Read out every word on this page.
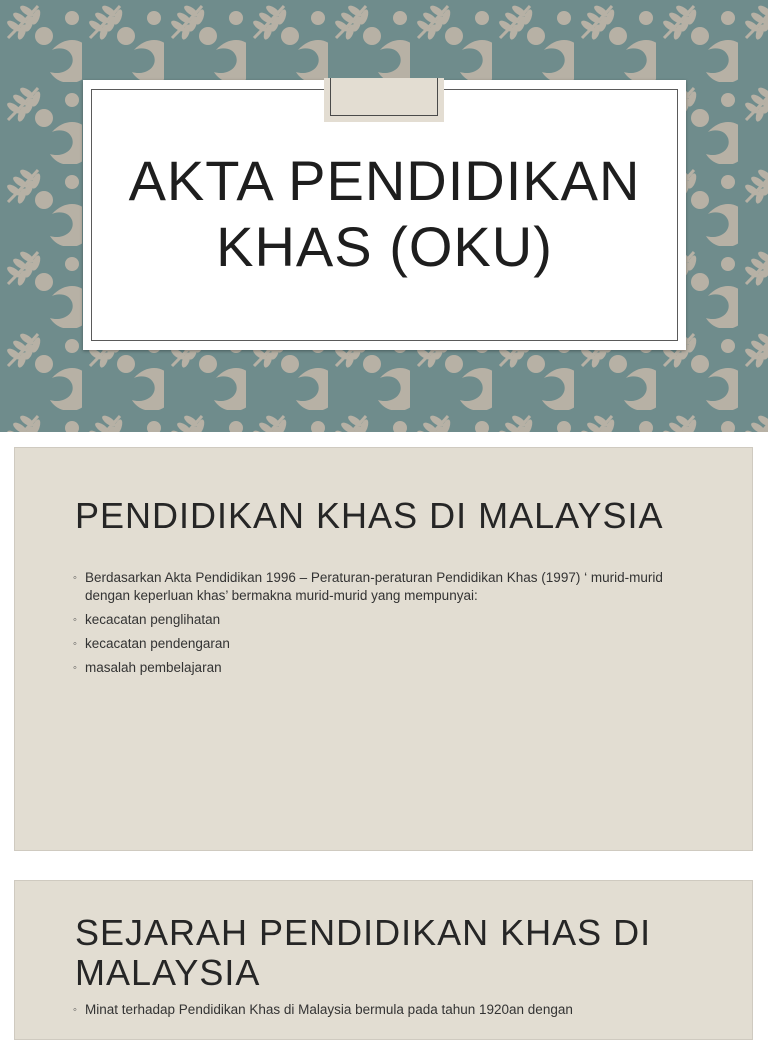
AKTA PENDIDIKAN KHAS (OKU)
PENDIDIKAN KHAS DI MALAYSIA
◦ Berdasarkan Akta Pendidikan 1996 – Peraturan-peraturan Pendidikan Khas (1997) ‘ murid-murid dengan keperluan khas’ bermakna murid-murid yang mempunyai:
◦ kecacatan penglihatan
◦ kecacatan pendengaran
◦ masalah pembelajaran
SEJARAH PENDIDIKAN KHAS DI MALAYSIA
◦ Minat terhadap Pendidikan Khas di Malaysia bermula pada tahun 1920an dengan
